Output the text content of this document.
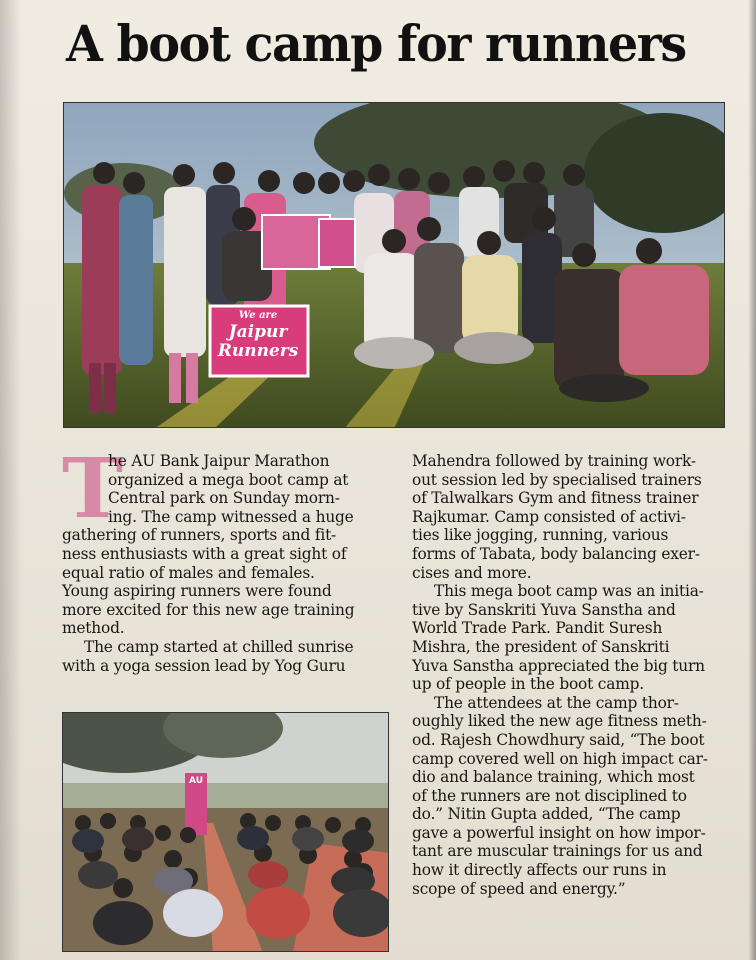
A boot camp for runners
We are
Jaipur
Runners
T

he AU Bank Jaipur Marathon

organized a mega boot camp at

Central park on Sunday morn-

ing. The camp witnessed a huge

gathering of runners, sports and fit-

ness enthusiasts with a great sight of

equal ratio of males and females.

Young aspiring runners were found

more excited for this new age training

method.

The camp started at chilled sunrise

with a yoga session lead by Yog Guru

Mahendra followed by training work-

out session led by specialised trainers

of Talwalkars Gym and fitness trainer

Rajkumar. Camp consisted of activi-

ties like jogging, running, various

forms of Tabata, body balancing exer-

cises and more.

This mega boot camp was an initia-

tive by Sanskriti Yuva Sanstha and

World Trade Park. Pandit Suresh

Mishra, the president of Sanskriti

Yuva Sanstha appreciated the big turn

up of people in the boot camp.

The attendees at the camp thor-

oughly liked the new age fitness meth-

od. Rajesh Chowdhury said, “The boot

camp covered well on high impact car-

dio and balance training, which most

of the runners are not disciplined to

do.” Nitin Gupta added, “The camp

gave a powerful insight on how impor-

tant are muscular trainings for us and

how it directly affects our runs in

scope of speed and energy.”

AU
